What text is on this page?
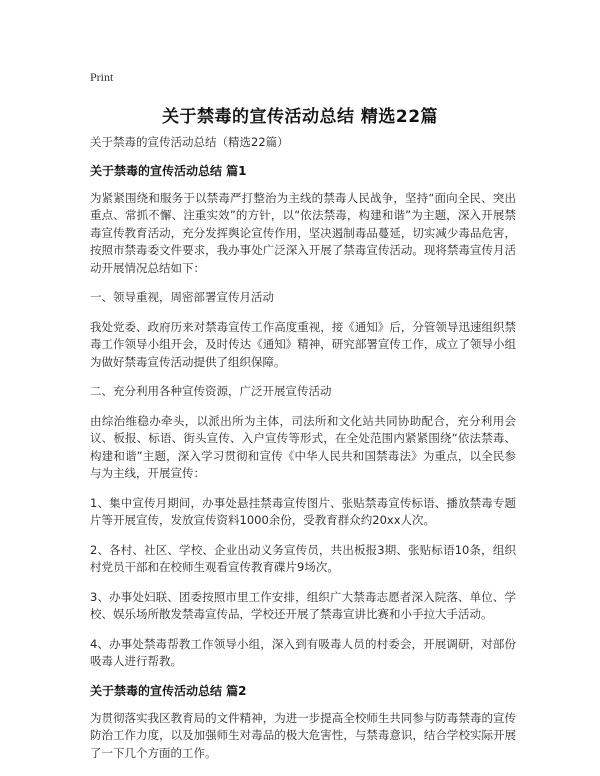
Print
关于禁毒的宣传活动总结 精选22篇

关于禁毒的宣传活动总结（精选22篇）

关于禁毒的宣传活动总结 篇1

为紧紧围绕和服务于以禁毒严打整治为主线的禁毒人民战争，坚持“面向全民、突出重点、常抓不懈、注重实效”的方针，以“依法禁毒，构建和谐”为主题，深入开展禁毒宣传教育活动，充分发挥舆论宣传作用，坚决遏制毒品蔓延，切实减少毒品危害，按照市禁毒委文件要求，我办事处广泛深入开展了禁毒宣传活动。现将禁毒宣传月活动开展情况总结如下：

一、领导重视，周密部署宣传月活动

我处党委、政府历来对禁毒宣传工作高度重视，接《通知》后，分管领导迅速组织禁毒工作领导小组开会，及时传达《通知》精神，研究部署宣传工作，成立了领导小组为做好禁毒宣传活动提供了组织保障。

二、充分利用各种宣传资源，广泛开展宣传活动

由综治维稳办牵头，以派出所为主体，司法所和文化站共同协助配合，充分利用会议、板报、标语、街头宣传、入户宣传等形式，在全处范围内紧紧围绕“依法禁毒、构建和谐”主题，深入学习贯彻和宣传《中华人民共和国禁毒法》为重点，以全民参与为主线，开展宣传：

1、集中宣传月期间，办事处悬挂禁毒宣传图片、张贴禁毒宣传标语、播放禁毒专题片等开展宣传，发放宣传资料1000余份，受教育群众约20xx人次。

2、各村、社区、学校、企业出动义务宣传员，共出板报3期、张贴标语10条，组织村党员干部和在校师生观看宣传教育碟片9场次。

3、办事处妇联、团委按照市里工作安排，组织广大禁毒志愿者深入院落、单位、学校、娱乐场所散发禁毒宣传品，学校还开展了禁毒宣讲比赛和小手拉大手活动。

4、办事处禁毒帮教工作领导小组，深入到有吸毒人员的村委会，开展调研，对部份吸毒人进行帮教。

关于禁毒的宣传活动总结 篇2

为贯彻落实我区教育局的文件精神，为进一步提高全校师生共同参与防毒禁毒的宣传防治工作力度，以及加强师生对毒品的极大危害性，与禁毒意识，结合学校实际开展了一下几个方面的工作。
